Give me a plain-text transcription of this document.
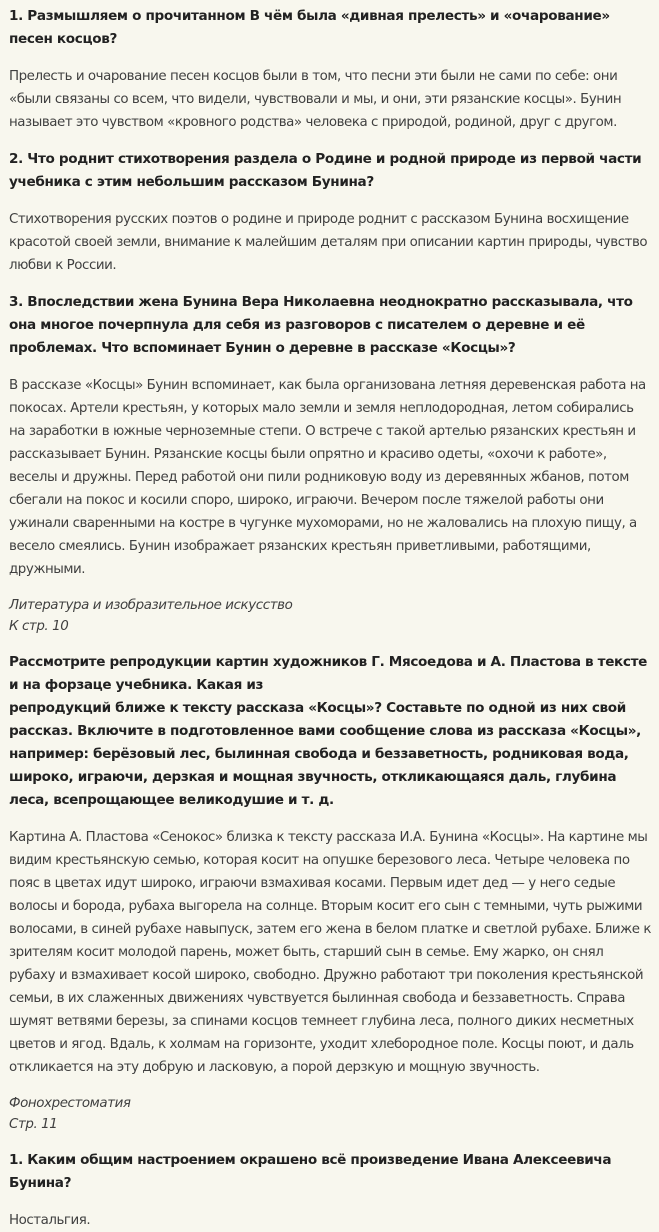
1. Размышляем о прочитанном В чём была «дивная прелесть» и «очарование» песен косцов?

Прелесть и очарование песен косцов были в том, что песни эти были не сами по себе: они «были связаны со всем, что видели, чувствовали и мы, и они, эти рязанские косцы». Бунин называет это чувством «кровного родства» человека с природой, родиной, друг с другом.

2. Что роднит стихотворения раздела о Родине и родной природе из первой части учебника с этим небольшим рассказом Бунина?

Стихотворения русских поэтов о родине и природе роднит с рассказом Бунина восхищение красотой своей земли, внимание к малейшим деталям при описании картин природы, чувство любви к России.

3. Впоследствии жена Бунина Вера Николаевна неоднократно рассказывала, что она многое почерпнула для себя из разговоров с писателем о деревне и её проблемах. Что вспоминает Бунин о деревне в рассказе «Косцы»?

В рассказе «Косцы» Бунин вспоминает, как была организована летняя деревенская работа на покосах. Артели крестьян, у которых мало земли и земля неплодородная, летом собирались на заработки в южные черноземные степи. О встрече с такой артелью рязанских крестьян и рассказывает Бунин. Рязанские косцы были опрятно и красиво одеты, «охочи к работе», веселы и дружны. Перед работой они пили родниковую воду из деревянных жбанов, потом сбегали на покос и косили споро, широко, играючи. Вечером после тяжелой работы они ужинали сваренными на костре в чугунке мухоморами, но не жаловались на плохую пищу, а весело смеялись. Бунин изображает рязанских крестьян приветливыми, работящими, дружными.

Литература и изобразительное искусство
К стр. 10

Рассмотрите репродукции картин художников Г. Мясоедова и А. Пластова в тексте и на форзаце учебника. Какая из
репродукций ближе к тексту рассказа «Косцы»? Составьте по одной из них свой рассказ. Включите в подготовленное вами сообщение слова из рассказа «Косцы», например: берёзовый лес, былинная свобода и беззаветность, родниковая вода, широко, играючи, дерзкая и мощная звучность, откликающаяся даль, глубина леса, всепрощающее великодушие и т. д.

Картина А. Пластова «Сенокос» близка к тексту рассказа И.А. Бунина «Косцы». На картине мы видим крестьянскую семью, которая косит на опушке березового леса. Четыре человека по пояс в цветах идут широко, играючи взмахивая косами. Первым идет дед — у него седые волосы и борода, рубаха выгорела на солнце. Вторым косит его сын с темными, чуть рыжими волосами, в синей рубахе навыпуск, затем его жена в белом платке и светлой рубахе. Ближе к зрителям косит молодой парень, может быть, старший сын в семье. Ему жарко, он снял рубаху и взмахивает косой широко, свободно. Дружно работают три поколения крестьянской семьи, в их слаженных движениях чувствуется былинная свобода и беззаветность. Справа шумят ветвями березы, за спинами косцов темнеет глубина леса, полного диких несметных цветов и ягод. Вдаль, к холмам на горизонте, уходит хлебородное поле. Косцы поют, и даль откликается на эту добрую и ласковую, а порой дерзкую и мощную звучность.

Фонохрестоматия
Стр. 11

1. Каким общим настроением окрашено всё произведение Ивана Алексеевича Бунина?

Ностальгия.
